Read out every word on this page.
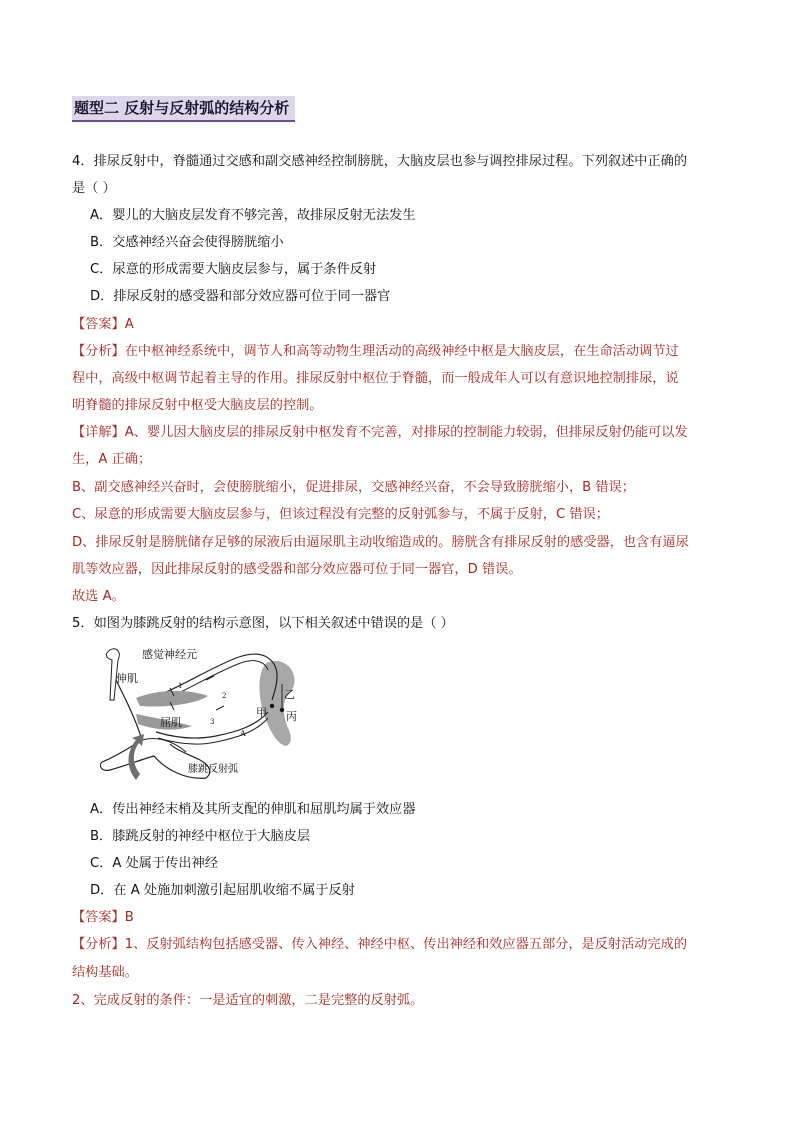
题型二 反射与反射弧的结构分析
4．排尿反射中，脊髓通过交感和副交感神经控制膀胱，大脑皮层也参与调控排尿过程。下列叙述中正确的
是（ ）
A．婴儿的大脑皮层发育不够完善，故排尿反射无法发生
B．交感神经兴奋会使得膀胱缩小
C．尿意的形成需要大脑皮层参与，属于条件反射
D．排尿反射的感受器和部分效应器可位于同一器官
【答案】A
【分析】在中枢神经系统中，调节人和高等动物生理活动的高级神经中枢是大脑皮层，在生命活动调节过
程中，高级中枢调节起着主导的作用。排尿反射中枢位于脊髓，而一般成年人可以有意识地控制排尿，说
明脊髓的排尿反射中枢受大脑皮层的控制。
【详解】A、婴儿因大脑皮层的排尿反射中枢发育不完善，对排尿的控制能力较弱，但排尿反射仍能可以发
生，A 正确；
B、副交感神经兴奋时，会使膀胱缩小，促进排尿，交感神经兴奋，不会导致膀胱缩小，B 错误；
C、尿意的形成需要大脑皮层参与，但该过程没有完整的反射弧参与，不属于反射，C 错误；
D、排尿反射是膀胱储存足够的尿液后由逼尿肌主动收缩造成的。膀胱含有排尿反射的感受器，也含有逼尿
肌等效应器，因此排尿反射的感受器和部分效应器可位于同一器官，D 错误。
故选 A。
5．如图为膝跳反射的结构示意图，以下相关叙述中错误的是（ ）
感觉神经元
伸肌
屈肌
甲
乙
丙
A
1
2
3
膝跳反射弧
A．传出神经末梢及其所支配的伸肌和屈肌均属于效应器
B．膝跳反射的神经中枢位于大脑皮层
C．A 处属于传出神经
D．在 A 处施加刺激引起屈肌收缩不属于反射
【答案】B
【分析】1、反射弧结构包括感受器、传入神经、神经中枢、传出神经和效应器五部分，是反射活动完成的
结构基础。
2、完成反射的条件：一是适宜的刺激，二是完整的反射弧。
